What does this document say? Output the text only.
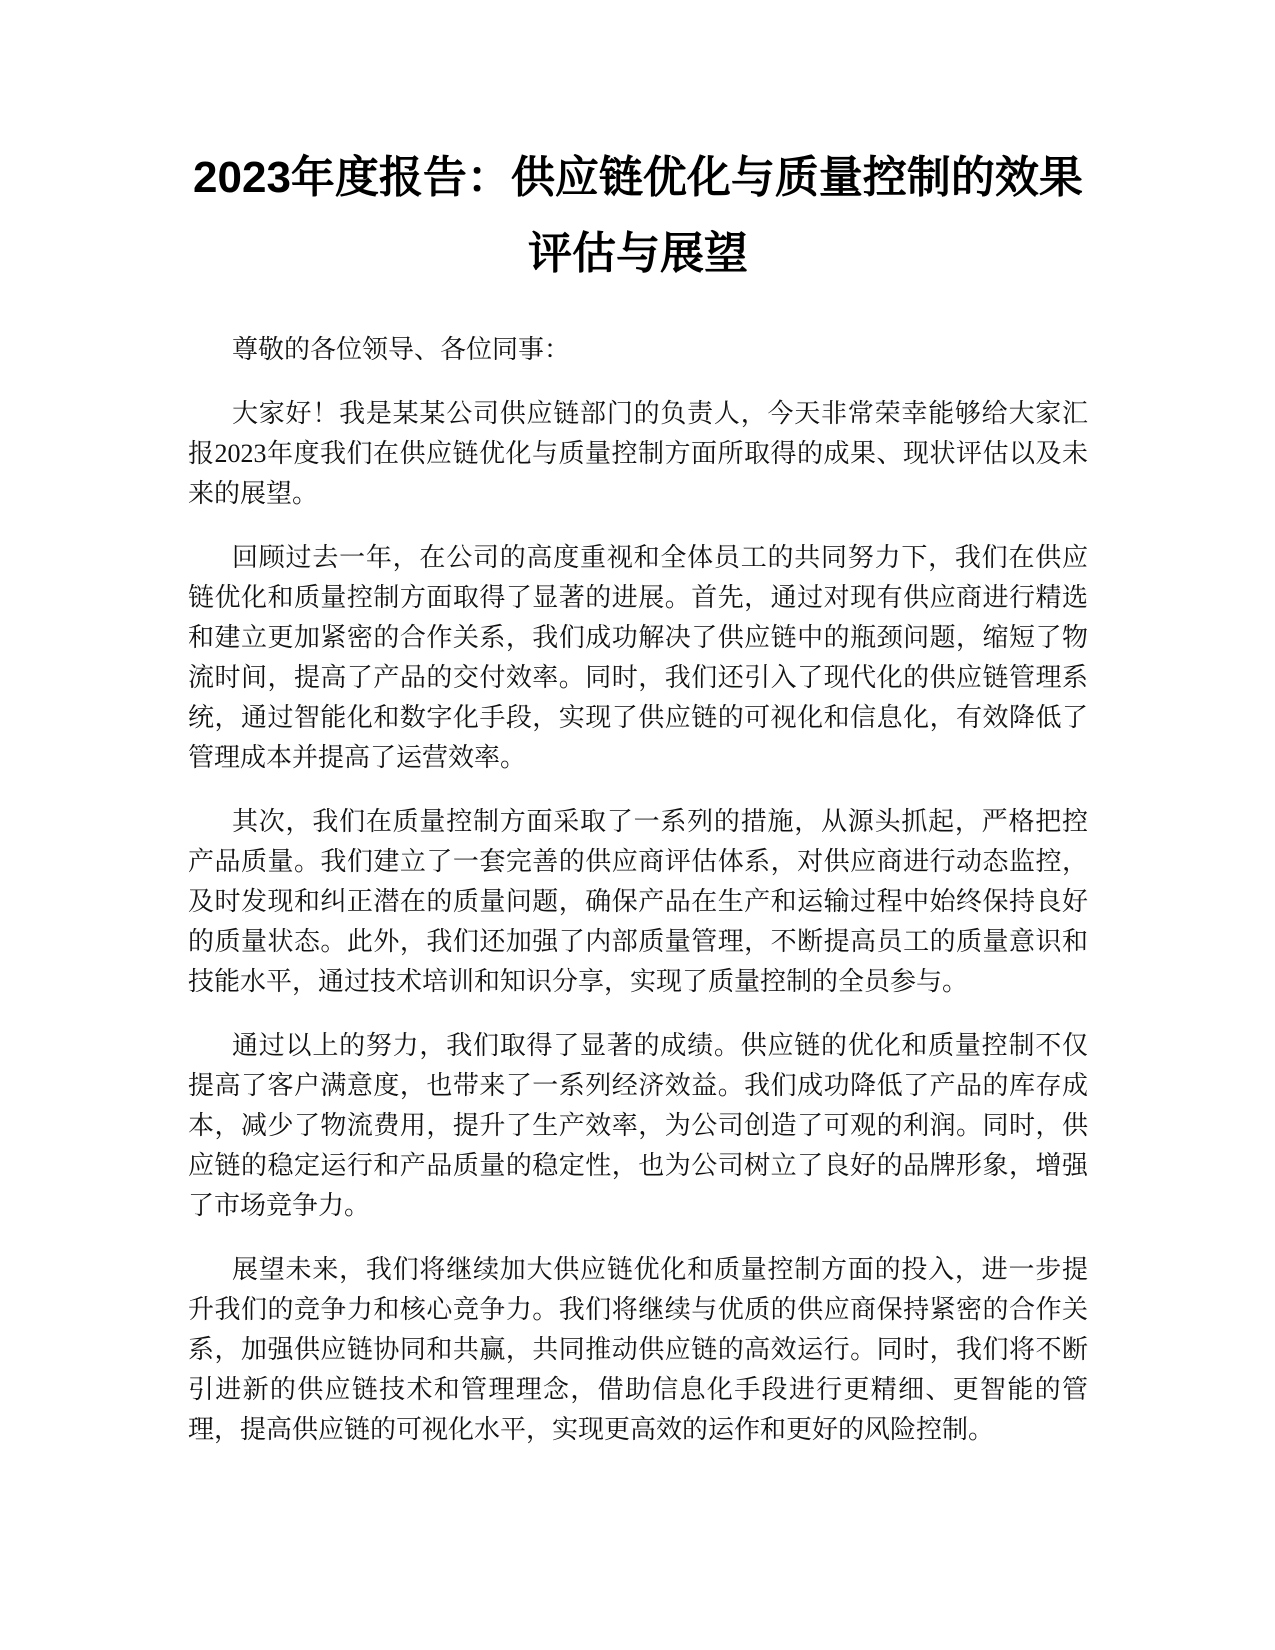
2023年度报告：供应链优化与质量控制的效果评估与展望

尊敬的各位领导、各位同事：

大家好！我是某某公司供应链部门的负责人，今天非常荣幸能够给大家汇报2023年度我们在供应链优化与质量控制方面所取得的成果、现状评估以及未来的展望。

回顾过去一年，在公司的高度重视和全体员工的共同努力下，我们在供应链优化和质量控制方面取得了显著的进展。首先，通过对现有供应商进行精选和建立更加紧密的合作关系，我们成功解决了供应链中的瓶颈问题，缩短了物流时间，提高了产品的交付效率。同时，我们还引入了现代化的供应链管理系统，通过智能化和数字化手段，实现了供应链的可视化和信息化，有效降低了管理成本并提高了运营效率。

其次，我们在质量控制方面采取了一系列的措施，从源头抓起，严格把控产品质量。我们建立了一套完善的供应商评估体系，对供应商进行动态监控，及时发现和纠正潜在的质量问题，确保产品在生产和运输过程中始终保持良好的质量状态。此外，我们还加强了内部质量管理，不断提高员工的质量意识和技能水平，通过技术培训和知识分享，实现了质量控制的全员参与。

通过以上的努力，我们取得了显著的成绩。供应链的优化和质量控制不仅提高了客户满意度，也带来了一系列经济效益。我们成功降低了产品的库存成本，减少了物流费用，提升了生产效率，为公司创造了可观的利润。同时，供应链的稳定运行和产品质量的稳定性，也为公司树立了良好的品牌形象，增强了市场竞争力。

展望未来，我们将继续加大供应链优化和质量控制方面的投入，进一步提升我们的竞争力和核心竞争力。我们将继续与优质的供应商保持紧密的合作关系，加强供应链协同和共赢，共同推动供应链的高效运行。同时，我们将不断引进新的供应链技术和管理理念，借助信息化手段进行更精细、更智能的管理，提高供应链的可视化水平，实现更高效的运作和更好的风险控制。
